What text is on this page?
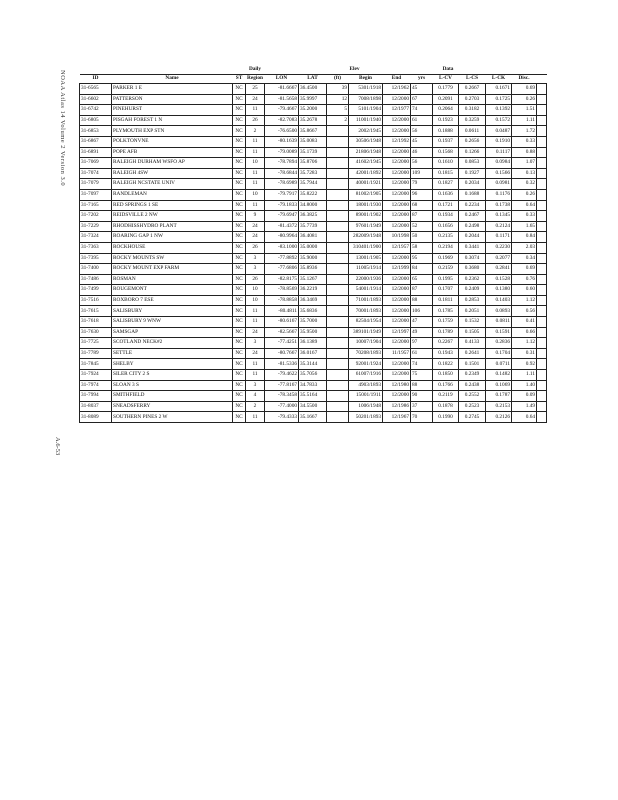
NOAA Atlas 14 Volume 2 Version 3.0
A.6-53
			Daily			Elev			Data					
ID	Name	ST	Region	LON	LAT	(ft)	Begin	End	yrs	L-CV	L-CS	L-CK	Disc.	
31-6565	PARKER 1 E	NC	25	-81.6667	36.4500	39	5301/1918	12/1962	45	0.1779	0.2667	0.1671	0.69	
31-6602	PATTERSON	NC	24	-81.5658	35.9997	12	7008/1898	12/2000	67	0.2091	0.2703	0.1725	0.26	
31-6742	PINEHURST	NC	11	-79.4667	35.2000	5	5101/1904	12/1977	74	0.2064	0.3182	0.1392	1.51	
31-6805	PISGAH FOREST 1 N	NC	26	-82.7083	35.2678	2	11001/1940	12/2000	61	0.1923	0.3259	0.1572	1.11	
31-6853	PLYMOUTH EXP STN	NC	2	-76.6500	35.8667		2002/1945	12/2000	56	0.1888	0.0611	0.0487	1.72	
31-6867	POLKTONVNE	NC	11	-80.1639	35.0083		30506/1948	12/1992	45	0.1937	0.2656	0.1910	0.33	
31-6891	POPE AFB	NC	11	-79.0089	35.1739		21806/1948	12/2000	46	0.1568	0.1266	0.1117	0.88	
31-7069	RALEIGH DURHAM WSFO AP	NC	10	-78.7894	35.8706		41602/1945	12/2000	56	0.1610	0.0853	0.0984	1.07	
31-7074	RALEIGH 4SW	NC	11	-78.6844	35.7283		42001/1892	12/2000	109	0.1815	0.1927	0.1566	0.13	
31-7079	RALEIGH NCSTATE UNIV	NC	11	-78.6989	35.7944		40001/1921	12/2000	79	0.1827	0.2034	0.0981	0.32	
31-7097	RANDLEMAN	NC	10	-79.7917	35.8222		81002/1905	12/2000	96	0.1636	0.1688	0.1176	0.26	
31-7165	RED SPRINGS 1 SE	NC	11	-79.1833	34.8000		18001/1930	12/2000	68	0.1721	0.2234	0.1738	0.64	
31-7202	REIDSVILLE 2 NW	NC	9	-79.6947	36.3825		89001/1902	12/2000	87	0.1934	0.2467	0.1345	0.33	
31-7229	RHODHISSHYDRO PLANT	NC	24	-81.4372	35.7739		97601/1949	12/2000	52	0.1656	0.2498	0.2124	1.65	
31-7324	ROARING GAP 1 NW	NC	24	-80.9964	36.4081		282009/1948	10/1998	50	0.2135	0.2044	0.1171	0.84	
31-7363	ROCKHOUSE	NC	26	-83.1000	35.0000		310401/1900	12/1957	58	0.2194	0.3441	0.2230	2.03	
31-7395	ROCKY MOUNTS SW	NC	3	-77.8892	35.9000		13001/1905	12/2000	95	0.1969	0.3074	0.2077	0.34	
31-7400	ROCKY MOUNT EXP FARM	NC	3	-77.6806	35.8936		11005/1914	12/1999	84	0.2159	0.3680	0.2841	0.69	
31-7486	ROSMAN	NC	26	-82.8175	35.1267		22000/1936	12/2000	65	0.1995	0.2362	0.1528	0.76	
31-7499	ROUGEMONT	NC	10	-78.8569	36.2219		54001/1914	12/2000	87	0.1707	0.2409	0.1380	0.60	
31-7516	ROXBORO 7 ESE	NC	10	-78.8858	36.3469		71001/1893	12/2000	88	0.1811	0.2853	0.1403	1.12	
31-7615	SALISBURY	NC	11	-80.4811	35.6836		70001/1893	12/2000	106	0.1785	0.2051	0.0893	0.56	
31-7618	SALISBURY 9 WNW	NC	11	-80.6167	35.7000		82504/1954	12/2000	47	0.1759	0.1532	0.0811	0.41	
31-7630	SAMSGAP	NC	24	-82.5667	35.9500		389101/1949	12/1997	49	0.1789	0.1505	0.1591	0.66	
31-7725	SCOTLAND NECK#2	NC	3	-77.4251	36.1389		10007/1904	12/2000	97	0.2267	0.4133	0.2836	1.12	
31-7789	SETTLE	NC	24	-80.7667	36.0167		70208/1893	11/1957	61	0.1943	0.2641	0.1704	0.31	
31-7845	SHELBY	NC	11	-81.5336	35.3144		92001/1924	12/2000	74	0.1822	0.1501	0.0711	0.92	
31-7924	SILER CITY 2 S	NC	11	-79.4622	35.7056		61007/1916	12/2000	75	0.1850	0.2349	0.1482	1.11	
31-7974	SLOAN 3 S	NC	3	-77.8167	34.7833		4903/1893	12/1980	88	0.1766	0.2438	0.1069	1.40	
31-7994	SMITHFIELD	NC	4	-78.3458	35.5164		15001/1911	12/2000	90	0.2119	0.2552	0.1787	0.09	
31-8037	SNEADSFERRY	NC	2	-77.4000	34.5500		1006/1948	12/1986	37	0.1878	0.2523	0.2153	1.49	
31-8089	SOUTHERN PINES 2 W	NC	11	-79.4333	35.1667		50201/1893	12/1967	70	0.1990	0.2745	0.2126	0.64	
